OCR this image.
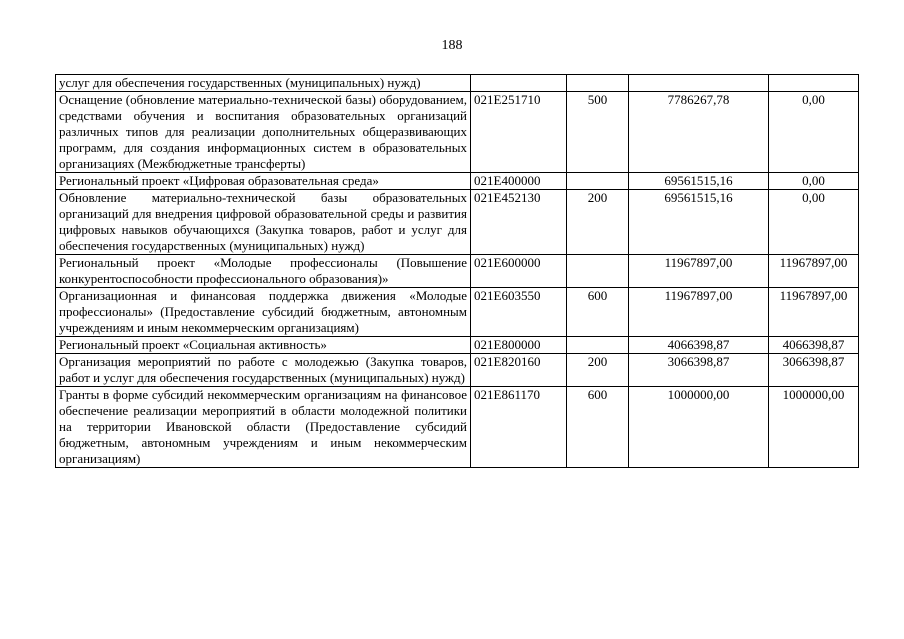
188
услуг для обеспечения государственных (муниципальных) нужд)				
Оснащение (обновление материально-технической базы) оборудованием, средствами обучения и воспитания образовательных организаций различных типов для реализации дополнительных общеразвивающих программ, для создания информационных систем в образовательных организациях (Межбюджетные трансферты)	021E251710	500	7786267,78	0,00
Региональный проект «Цифровая образовательная среда»	021E400000		69561515,16	0,00
Обновление материально-технической базы образовательных организаций для внедрения цифровой образовательной среды и развития цифровых навыков обучающихся (Закупка товаров, работ и услуг для обеспечения государственных (муниципальных) нужд)	021E452130	200	69561515,16	0,00
Региональный проект «Молодые профессионалы (Повышение конкурентоспособности профессионального образования)»	021E600000		11967897,00	11967897,00
Организационная и финансовая поддержка движения «Молодые профессионалы» (Предоставление субсидий бюджетным, автономным учреждениям и иным некоммерческим организациям)	021E603550	600	11967897,00	11967897,00
Региональный проект «Социальная активность»	021E800000		4066398,87	4066398,87
Организация мероприятий по работе с молодежью (Закупка товаров, работ и услуг для обеспечения государственных (муниципальных) нужд)	021E820160	200	3066398,87	3066398,87
Гранты в форме субсидий некоммерческим организациям на финансовое обеспечение реализации мероприятий в области молодежной политики на территории Ивановской области (Предоставление субсидий бюджетным, автономным учреждениям и иным некоммерческим организациям)	021E861170	600	1000000,00	1000000,00
